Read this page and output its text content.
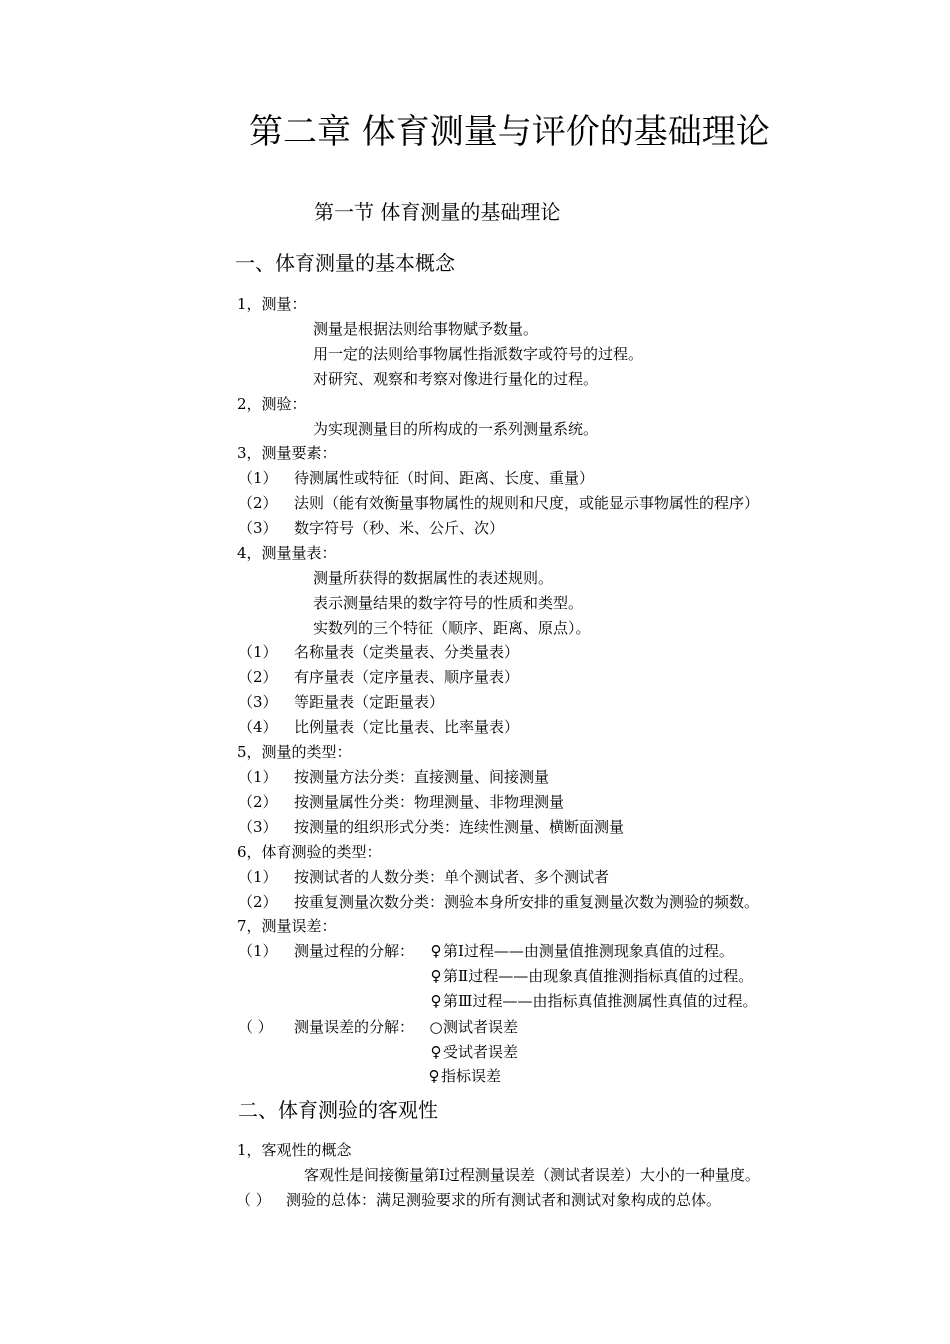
第二章 体育测量与评价的基础理论
第一节 体育测量的基础理论
一、体育测量的基本概念
1，测量：
测量是根据法则给事物赋予数量。
用一定的法则给事物属性指派数字或符号的过程。
对研究、观察和考察对像进行量化的过程。
2，测验：
为实现测量目的所构成的一系列测量系统。
3，测量要素：
（1） 待测属性或特征（时间、距离、长度、重量）
（2） 法则（能有效衡量事物属性的规则和尺度，或能显示事物属性的程序）
（3） 数字符号（秒、米、公斤、次）
4，测量量表：
测量所获得的数据属性的表述规则。
表示测量结果的数字符号的性质和类型。
实数列的三个特征（顺序、距离、原点）。
（1） 名称量表（定类量表、分类量表）
（2） 有序量表（定序量表、顺序量表）
（3） 等距量表（定距量表）
（4） 比例量表（定比量表、比率量表）
5，测量的类型：
（1） 按测量方法分类：直接测量、间接测量
（2） 按测量属性分类：物理测量、非物理测量
（3） 按测量的组织形式分类：连续性测量、横断面测量
6，体育测验的类型：
（1） 按测试者的人数分类：单个测试者、多个测试者
（2） 按重复测量次数分类：测验本身所安排的重复测量次数为测验的频数。
7，测量误差：
（1） 测量过程的分解： ♀ 第Ⅰ过程——由测量值推测现象真值的过程。
♀ 第Ⅱ过程——由现象真值推测指标真值的过程。
♀ 第Ⅲ过程——由指标真值推测属性真值的过程。
（ ） 测量误差的分解： ○测试者误差
♀ 受试者误差
♀ 指标误差
二、体育测验的客观性
1，客观性的概念
客观性是间接衡量第Ⅰ过程测量误差（测试者误差）大小的一种量度。
（ ） 测验的总体：满足测验要求的所有测试者和测试对象构成的总体。
